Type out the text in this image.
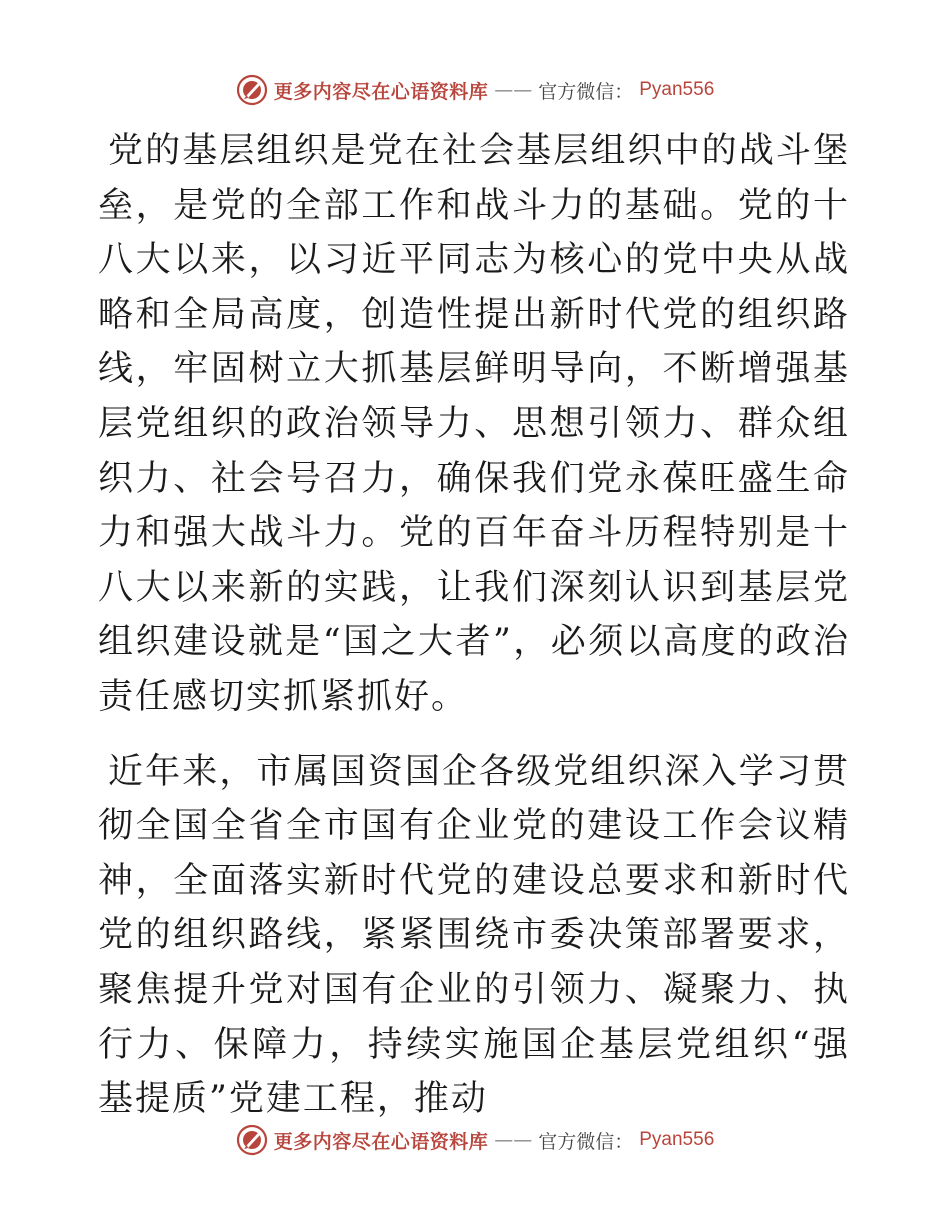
更多内容尽在心语资料库 —— 官方微信： Pyan556

党的基层组织是党在社会基层组织中的战斗堡垒，是党的全部工作和战斗力的基础。党的十八大以来，以习近平同志为核心的党中央从战略和全局高度，创造性提出新时代党的组织路线，牢固树立大抓基层鲜明导向，不断增强基层党组织的政治领导力、思想引领力、群众组织力、社会号召力，确保我们党永葆旺盛生命力和强大战斗力。党的百年奋斗历程特别是十八大以来新的实践，让我们深刻认识到基层党组织建设就是“国之大者”，必须以高度的政治责任感切实抓紧抓好。

近年来，市属国资国企各级党组织深入学习贯彻全国全省全市国有企业党的建设工作会议精神，全面落实新时代党的建设总要求和新时代党的组织路线，紧紧围绕市委决策部署要求，聚焦提升党对国有企业的引领力、凝聚力、执行力、保障力，持续实施国企基层党组织“强基提质”党建工程，推动

更多内容尽在心语资料库 —— 官方微信： Pyan556
